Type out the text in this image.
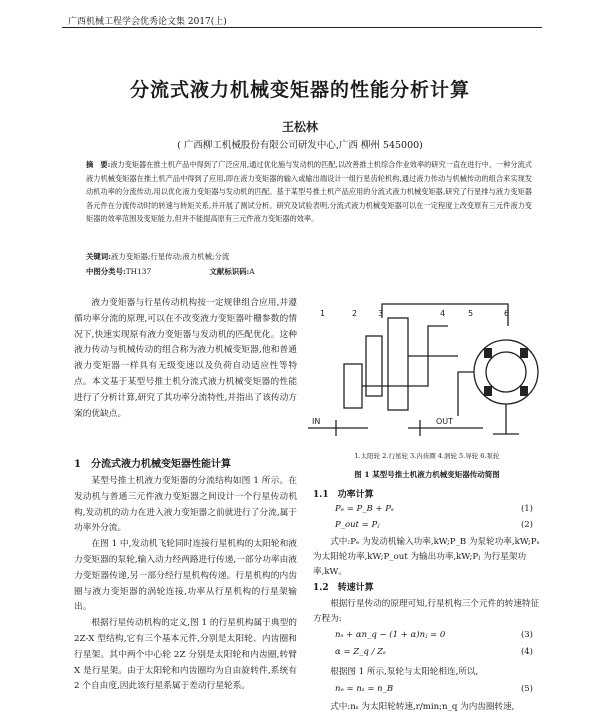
广西机械工程学会优秀论文集 2017(上)
分流式液力机械变矩器的性能分析计算
王松林
( 广西柳工机械股份有限公司研发中心,广西 柳州 545000)
摘　要:液力变矩器在推土机产品中得到了广泛应用,通过优化施与发动机的匹配,以改善推土机综合作业效率的研究一直在进行中。一种分流式液力机械变矩器在推土机产品中得到了应用,即在液力变矩器的输入或输出端设计一组行星齿轮机构,通过液力传动与机械传动的组合来实现发动机功率的分流传动,用以优化液力变矩器与发动机的匹配。基于某型号推土机产品应用的分流式液力机械变矩器,研究了行星排与液力变矩器各元件在分流传动时的转速与转矩关系,并开展了测试分析。研究及试验表明,分流式液力机械变矩器可以在一定程度上改变原有三元件液力变矩器的效率范围及变矩能力,但并不能提高原有三元件液力变矩器的效率。
关键词:液力变矩器;行星传动;液力机械;分流
中图分类号:TH137	文献标识码:A

液力变矩器与行星传动机构按一定规律组合应用,并遵循功率分流的原理,可以在不改变液力变矩器叶栅参数的情况下,快速实现原有液力变矩器与发动机的匹配优化。这种液力传动与机械传动的组合称为液力机械变矩器,他和普通液力变矩器一样具有无级变速以及负荷自动适应性等特点。本文基于某型号推土机分流式液力机械变矩器的性能进行了分析计算,研究了其功率分流特性,并指出了该传动方案的优缺点。

1　分流式液力机械变矩器性能计算

某型号推土机液力变矩器的分流结构如图 1 所示。在发动机与普通三元件液力变矩器之间设计一个行星传动机构,发动机的动力在进入液力变矩器之前就进行了分流,属于功率外分流。

在图 1 中,发动机飞轮同时连接行星机构的太阳轮和液力变矩器的泵轮,输入动力经两路进行传递,一部分功率由液力变矩器传递,另一部分经行星机构传递。行星机构的内齿圈与液力变矩器的涡轮连接,功率从行星机构的行星架输出。

根据行星传动机构的定义,图 1 的行星机构属于典型的 2Z-X 型结构,它有三个基本元件,分别是太阳轮、内齿圈和行星架。其中两个中心轮 2Z 分别是太阳轮和内齿圈,转臂 X 是行星架。由于太阳轮和内齿圈均为自由旋转件,系统有 2 个自由度,因此该行星系属于差动行星轮系。

1	2	3	4	5	6
IN	OUT
1.太阳轮 2.行星轮 3.内齿圈 4.涡轮 5.导轮 6.泵轮
图 1 某型号推土机液力机械变矩器传动简图
1.1　功率计算
Pₑ = P_B + Pₛ	(1)
P_out = Pⱼ	(2)

式中:Pₑ 为发动机输入功率,kW;P_B 为泵轮功率,kW;Pₛ 为太阳轮功率,kW;P_out 为输出功率,kW;Pⱼ 为行星架功率,kW。

1.2　转速计算

根据行星传动的原理可知,行星机构三个元件的转速特征方程为:

nₛ + αn_q − (1 + α)nⱼ = 0	(3)
α = Z_q / Zₛ	(4)

根据图 1 所示,泵轮与太阳轮相连,所以,

nₑ = nₛ = n_B	(5)

式中:nₛ 为太阳轮转速,r/min;n_q 为内齿圈转速,
